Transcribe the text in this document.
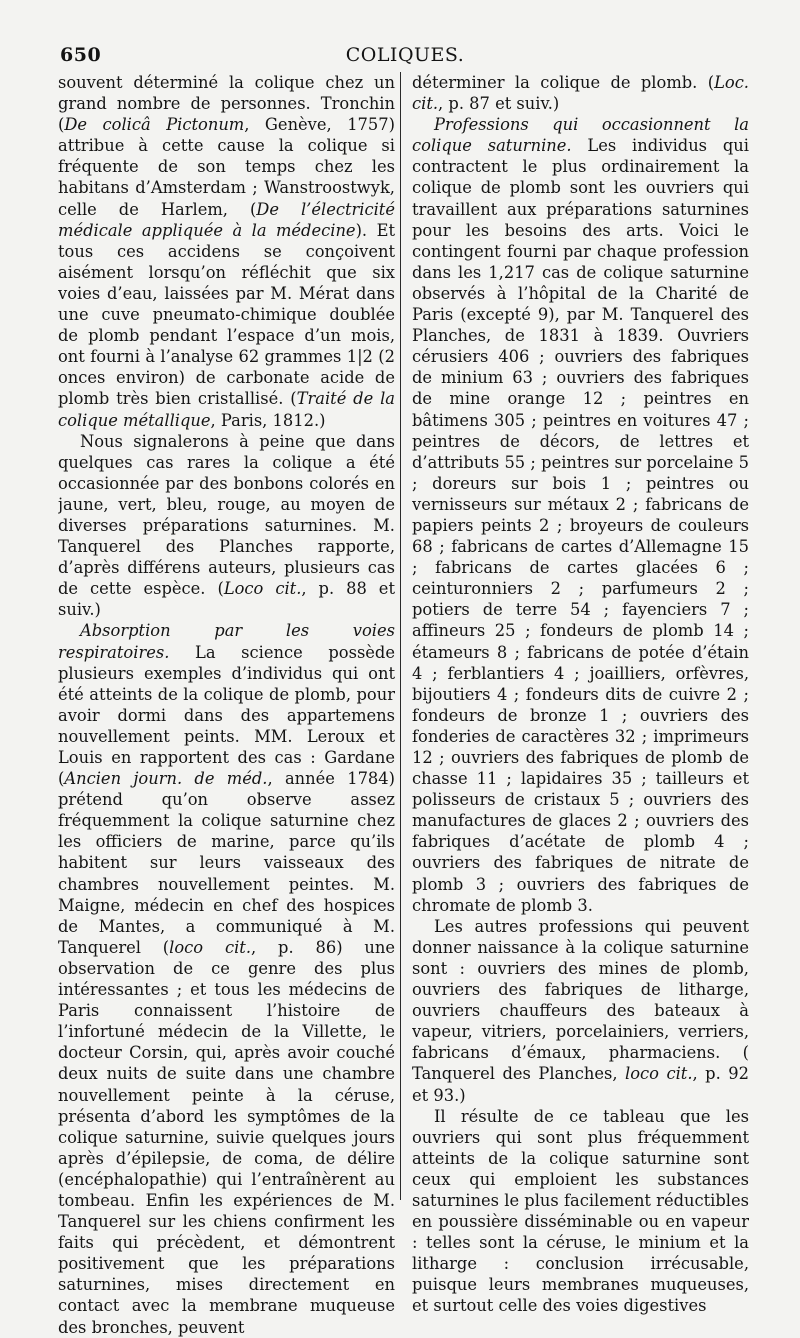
650	COLIQUES.

souvent déterminé la colique chez un grand nombre de personnes. Tronchin (De colicâ Pictonum, Genève, 1757) attribue à cette cause la colique si fréquente de son temps chez les habitans d’Amsterdam ; Wanstroostwyk, celle de Harlem, (De l’électricité médicale appliquée à la médecine). Et tous ces accidens se conçoivent aisément lorsqu’on réfléchit que six voies d’eau, laissées par M. Mérat dans une cuve pneumato-chimique doublée de plomb pendant l’espace d’un mois, ont fourni à l’analyse 62 grammes 1|2 (2 onces environ) de carbonate acide de plomb très bien cristallisé. (Traité de la colique métallique, Paris, 1812.)

Nous signalerons à peine que dans quelques cas rares la colique a été occasionnée par des bonbons colorés en jaune, vert, bleu, rouge, au moyen de diverses préparations saturnines. M. Tanquerel des Planches rapporte, d’après différens auteurs, plusieurs cas de cette espèce. (Loco cit., p. 88 et suiv.)

Absorption par les voies respiratoires. La science possède plusieurs exemples d’individus qui ont été atteints de la colique de plomb, pour avoir dormi dans des appartemens nouvellement peints. MM. Leroux et Louis en rapportent des cas : Gardane (Ancien journ. de méd., année 1784) prétend qu’on observe assez fréquemment la colique saturnine chez les officiers de marine, parce qu’ils habitent sur leurs vaisseaux des chambres nouvellement peintes. M. Maigne, médecin en chef des hospices de Mantes, a communiqué à M. Tanquerel (loco cit., p. 86) une observation de ce genre des plus intéressantes ; et tous les médecins de Paris connaissent l’histoire de l’infortuné médecin de la Villette, le docteur Corsin, qui, après avoir couché deux nuits de suite dans une chambre nouvellement peinte à la céruse, présenta d’abord les symptômes de la colique saturnine, suivie quelques jours après d’épilepsie, de coma, de délire (encéphalopathie) qui l’entraînèrent au tombeau. Enfin les expériences de M. Tanquerel sur les chiens confirment les faits qui précèdent, et démontrent positivement que les préparations saturnines, mises directement en contact avec la membrane muqueuse des bronches, peuvent

déterminer la colique de plomb. (Loc. cit., p. 87 et suiv.)

Professions qui occasionnent la colique saturnine. Les individus qui contractent le plus ordinairement la colique de plomb sont les ouvriers qui travaillent aux préparations saturnines pour les besoins des arts. Voici le contingent fourni par chaque profession dans les 1,217 cas de colique saturnine observés à l’hôpital de la Charité de Paris (excepté 9), par M. Tanquerel des Planches, de 1831 à 1839. Ouvriers cérusiers 406 ; ouvriers des fabriques de minium 63 ; ouvriers des fabriques de mine orange 12 ; peintres en bâtimens 305 ; peintres en voitures 47 ; peintres de décors, de lettres et d’attributs 55 ; peintres sur porcelaine 5 ; doreurs sur bois 1 ; peintres ou vernisseurs sur métaux 2 ; fabricans de papiers peints 2 ; broyeurs de couleurs 68 ; fabricans de cartes d’Allemagne 15 ; fabricans de cartes glacées 6 ; ceinturonniers 2 ; parfumeurs 2 ; potiers de terre 54 ; fayenciers 7 ; affineurs 25 ; fondeurs de plomb 14 ; étameurs 8 ; fabricans de potée d’étain 4 ; ferblantiers 4 ; joailliers, orfèvres, bijoutiers 4 ; fondeurs dits de cuivre 2 ; fondeurs de bronze 1 ; ouvriers des fonderies de caractères 32 ; imprimeurs 12 ; ouvriers des fabriques de plomb de chasse 11 ; lapidaires 35 ; tailleurs et polisseurs de cristaux 5 ; ouvriers des manufactures de glaces 2 ; ouvriers des fabriques d’acétate de plomb 4 ; ouvriers des fabriques de nitrate de plomb 3 ; ouvriers des fabriques de chromate de plomb 3.

Les autres professions qui peuvent donner naissance à la colique saturnine sont : ouvriers des mines de plomb, ouvriers des fabriques de litharge, ouvriers chauffeurs des bateaux à vapeur, vitriers, porcelainiers, verriers, fabricans d’émaux, pharmaciens. ( Tanquerel des Planches, loco cit., p. 92 et 93.)

Il résulte de ce tableau que les ouvriers qui sont plus fréquemment atteints de la colique saturnine sont ceux qui emploient les substances saturnines le plus facilement réductibles en poussière disséminable ou en vapeur : telles sont la céruse, le minium et la litharge : conclusion irrécusable, puisque leurs membranes muqueuses, et surtout celle des voies digestives
